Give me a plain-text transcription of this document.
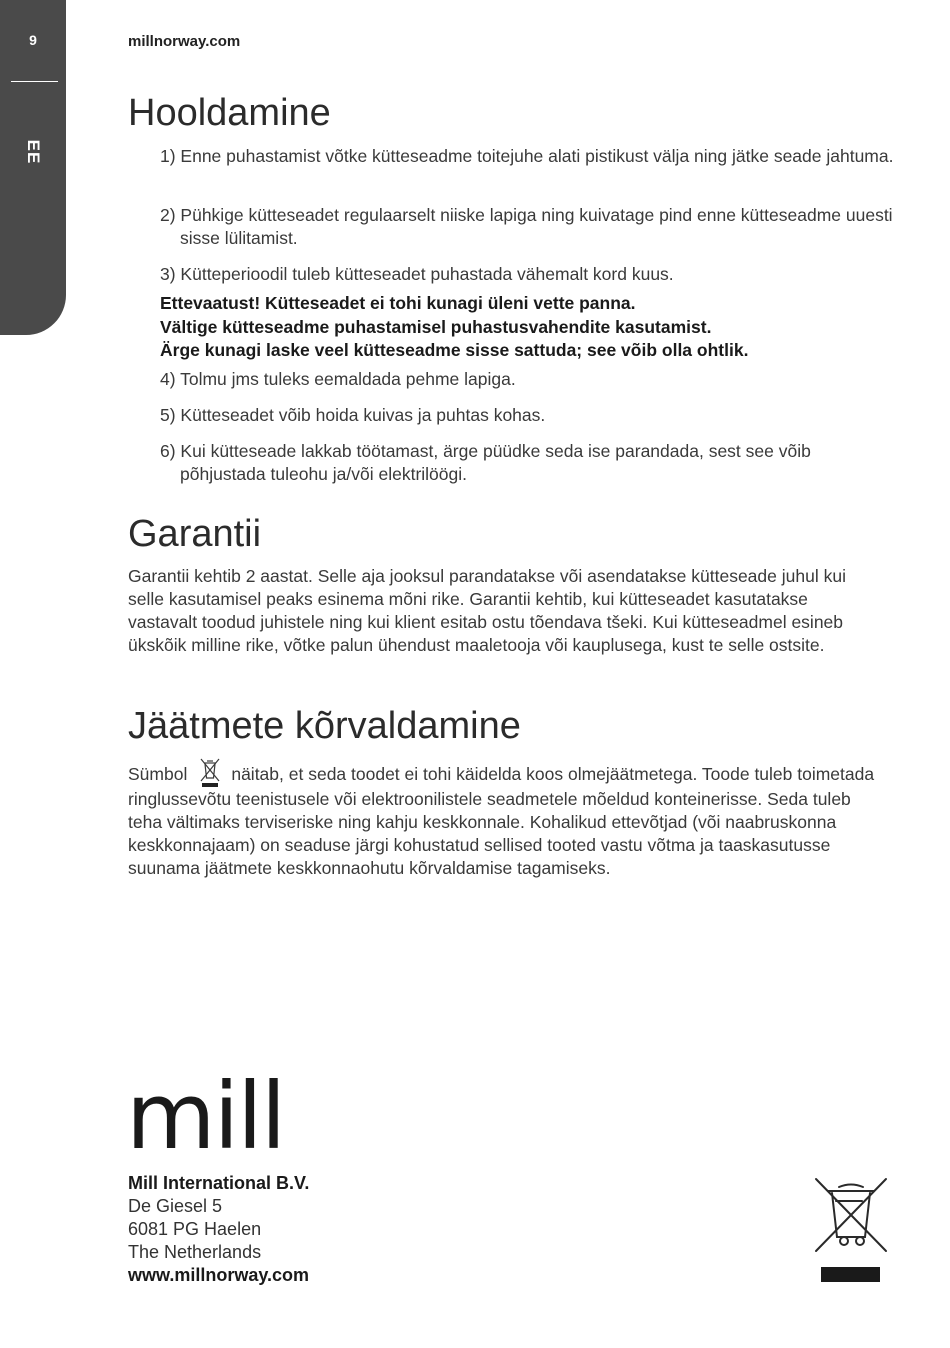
9
EE
millnorway.com
Hooldamine

1) Enne puhastamist võtke kütteseadme toitejuhe alati pistikust välja ning jätke seade jahtuma.

2) Pühkige kütteseadet regulaarselt niiske lapiga ning kuivatage pind enne kütteseadme uuesti sisse lülitamist.

3) Kütteperioodil tuleb kütteseadet puhastada vähemalt kord kuus.

Ettevaatust! Kütteseadet ei tohi kunagi üleni vette panna.
Vältige kütteseadme puhastamisel puhastusvahendite kasutamist.
Ärge kunagi laske veel kütteseadme sisse sattuda; see võib olla ohtlik.

4) Tolmu jms tuleks eemaldada pehme lapiga.

5) Kütteseadet võib hoida kuivas ja puhtas kohas.

6) Kui kütteseade lakkab töötamast, ärge püüdke seda ise parandada, sest see võib põhjustada tuleohu ja/või elektrilöögi.

Garantii

Garantii kehtib 2 aastat. Selle aja jooksul parandatakse või asendatakse kütteseade juhul kui selle kasutamisel peaks esinema mõni rike. Garantii kehtib, kui kütteseadet kasutatakse vastavalt toodud juhistele ning kui klient esitab ostu tõendava tšeki. Kui kütteseadmel esineb ükskõik milline rike, võtke palun ühendust maaletooja või kauplusega, kust te selle ostsite.

Jäätmete kõrvaldamine

Sümbol	näitab, et seda toodet ei tohi käidelda koos olmejäätmetega. Toode tuleb toimetada ringlussevõtu teenistusele või elektroonilistele seadmetele mõeldud konteinerisse. Seda tuleb teha vältimaks terviseriske ning kahju keskkonnale. Kohalikud ettevõtjad (või naabruskonna keskkonnajaam) on seaduse järgi kohustatud sellised tooted vastu võtma ja taaskasutusse suunama jäätmete keskkonnaohutu kõrvaldamise tagamiseks.

mill
Mill International B.V.
De Giesel 5
6081 PG Haelen
The Netherlands
www.millnorway.com
